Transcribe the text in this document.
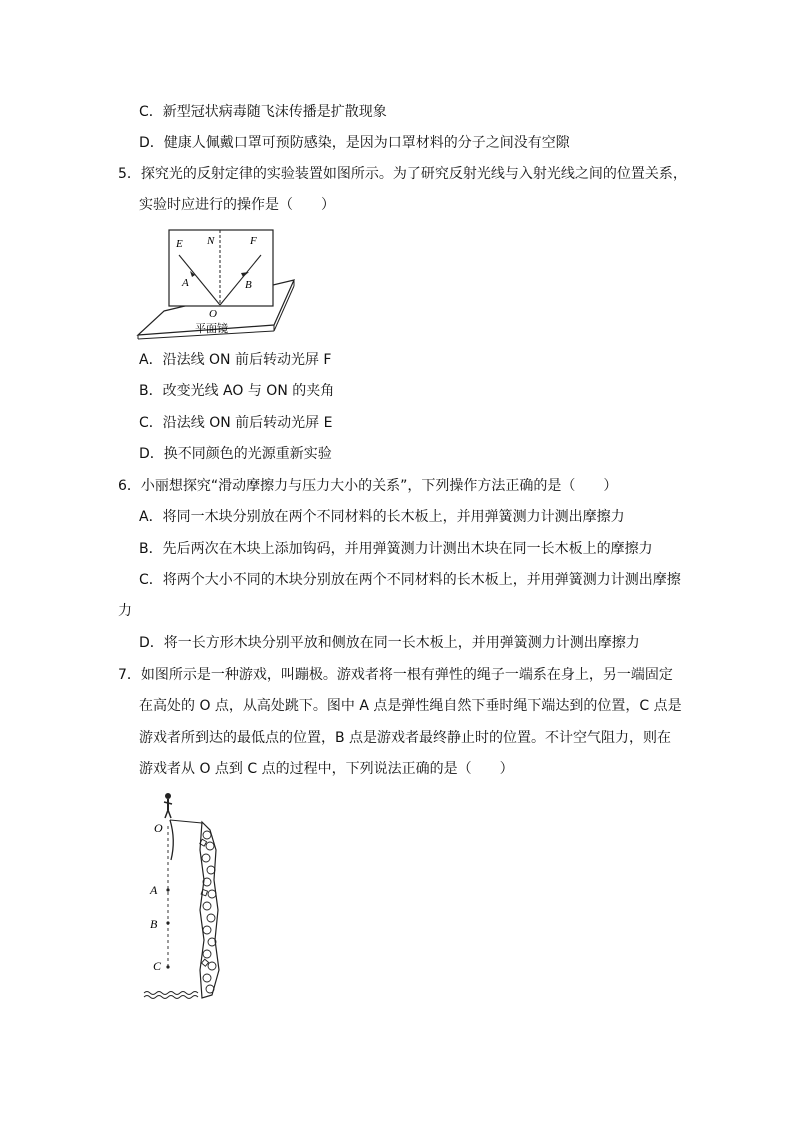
C．新型冠状病毒随飞沫传播是扩散现象
D．健康人佩戴口罩可预防感染，是因为口罩材料的分子之间没有空隙
5．探究光的反射定律的实验装置如图所示。为了研究反射光线与入射光线之间的位置关系，
实验时应进行的操作是（　　）
E N	F
A	B
O
平面镜
A．沿法线 ON 前后转动光屏 F
B．改变光线 AO 与 ON 的夹角
C．沿法线 ON 前后转动光屏 E
D．换不同颜色的光源重新实验
6．小丽想探究“滑动摩擦力与压力大小的关系”，下列操作方法正确的是（　　）
A．将同一木块分别放在两个不同材料的长木板上，并用弹簧测力计测出摩擦力
B．先后两次在木块上添加钩码，并用弹簧测力计测出木块在同一长木板上的摩擦力
C．将两个大小不同的木块分别放在两个不同材料的长木板上，并用弹簧测力计测出摩擦
力
D．将一长方形木块分别平放和侧放在同一长木板上，并用弹簧测力计测出摩擦力
7．如图所示是一种游戏，叫蹦极。游戏者将一根有弹性的绳子一端系在身上，另一端固定
在高处的 O 点，从高处跳下。图中 A 点是弹性绳自然下垂时绳下端达到的位置，C 点是
游戏者所到达的最低点的位置，B 点是游戏者最终静止时的位置。不计空气阻力，则在
游戏者从 O 点到 C 点的过程中，下列说法正确的是（　　）
O
A
B
C
